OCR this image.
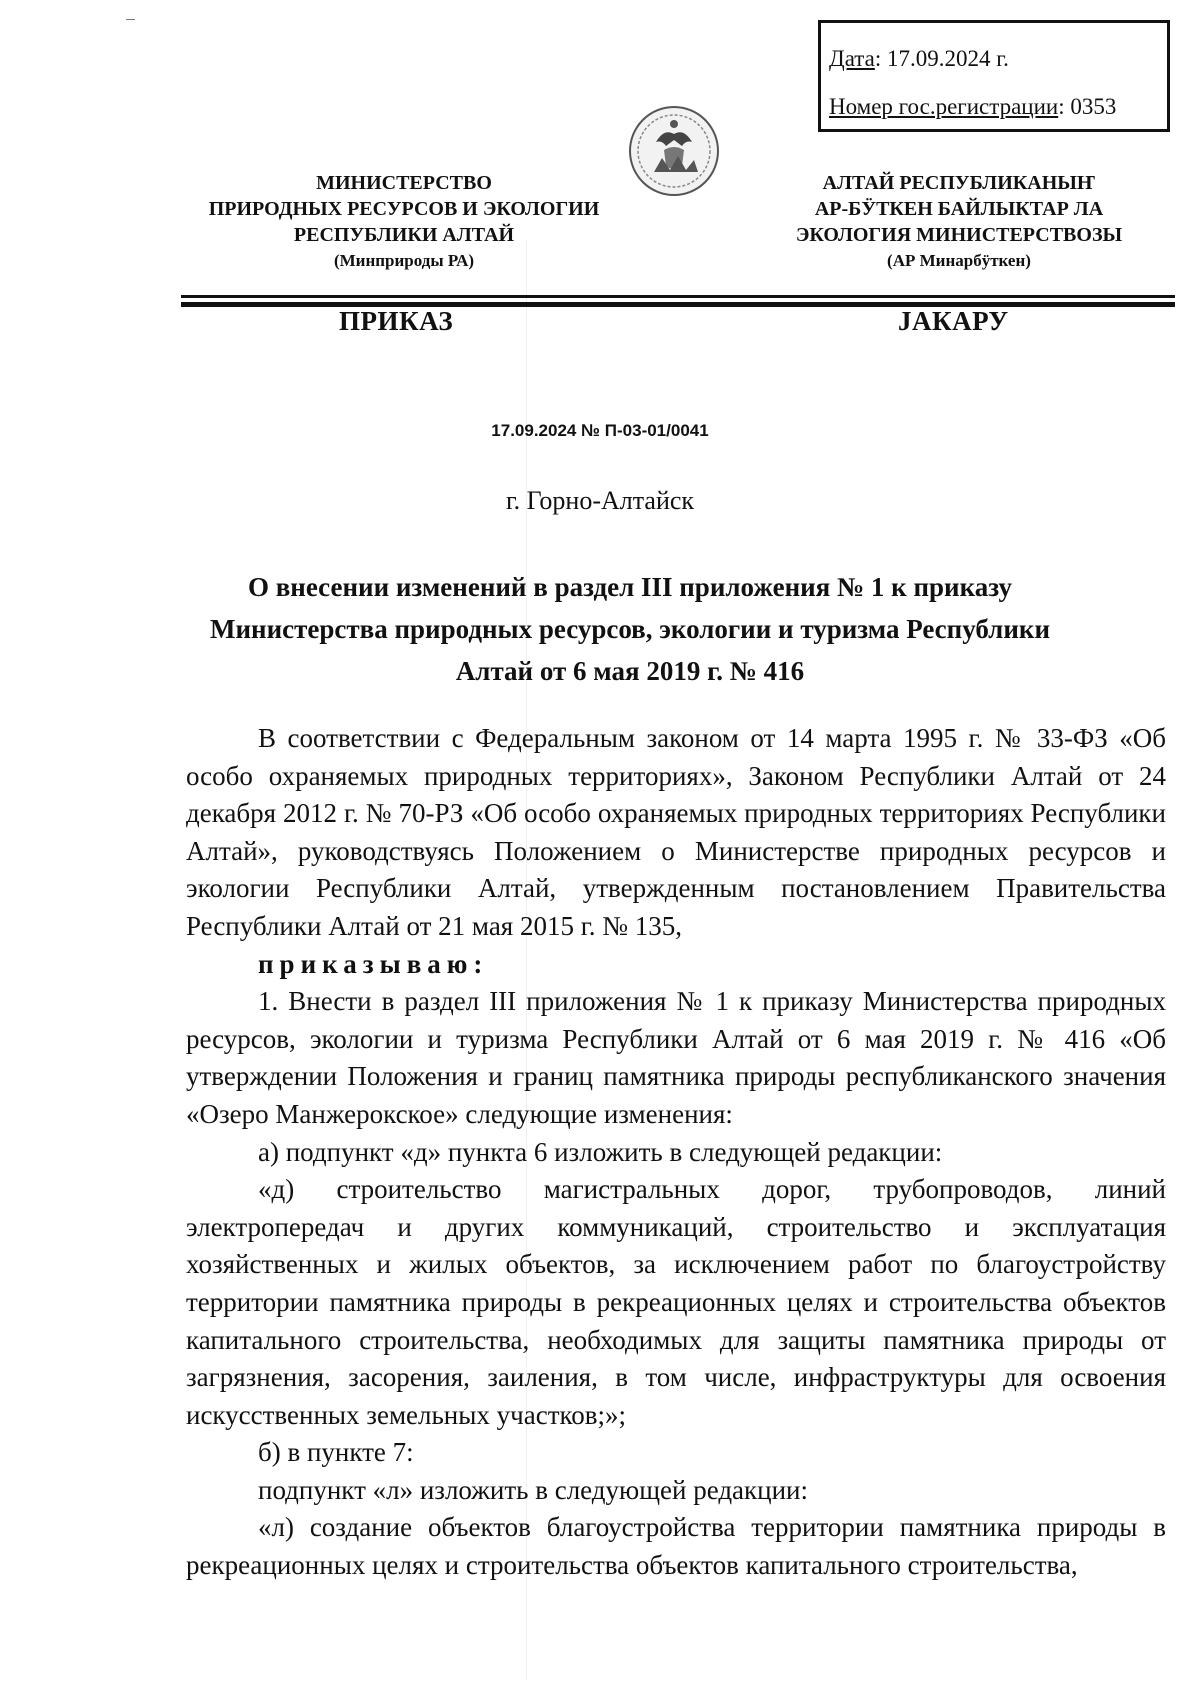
Дата: 17.09.2024 г.
Номер гос.регистрации: 0353
МИНИСТЕРСТВО
ПРИРОДНЫХ РЕСУРСОВ И ЭКОЛОГИИ
РЕСПУБЛИКИ АЛТАЙ
(Минприроды РА)
АЛТАЙ РЕСПУБЛИКАНЫҤ
АР-БӰТКЕН БАЙЛЫКТАР ЛА
ЭКОЛОГИЯ МИНИСТЕРСТВОЗЫ
(АР Минарбӱткен)
ПРИКАЗ	JАКАРУ
17.09.2024 № П-03-01/0041
г. Горно-Алтайск
О внесении изменений в раздел III приложения № 1 к приказу
Министерства природных ресурсов, экологии и туризма Республики
Алтай от 6 мая 2019 г. № 416

В соответствии с Федеральным законом от 14 марта 1995 г. № 33-ФЗ «Об особо охраняемых природных территориях», Законом Республики Алтай от 24 декабря 2012 г. № 70-РЗ «Об особо охраняемых природных территориях Республики Алтай», руководствуясь Положением о Министерстве природных ресурсов и экологии Республики Алтай, утвержденным постановлением Правительства Республики Алтай от 21 мая 2015 г. № 135,

приказываю:

1. Внести в раздел III приложения № 1 к приказу Министерства природных ресурсов, экологии и туризма Республики Алтай от 6 мая 2019 г. № 416 «Об утверждении Положения и границ памятника природы республиканского значения «Озеро Манжерокское» следующие изменения:

а) подпункт «д» пункта 6 изложить в следующей редакции:

«д) строительство магистральных дорог, трубопроводов, линий электропередач и других коммуникаций, строительство и эксплуатация хозяйственных и жилых объектов, за исключением работ по благоустройству территории памятника природы в рекреационных целях и строительства объектов капитального строительства, необходимых для защиты памятника природы от загрязнения, засорения, заиления, в том числе, инфраструктуры для освоения искусственных земельных участков;»;

б) в пункте 7:

подпункт «л» изложить в следующей редакции:

«л) создание объектов благоустройства территории памятника природы в рекреационных целях и строительства объектов капитального строительства,
